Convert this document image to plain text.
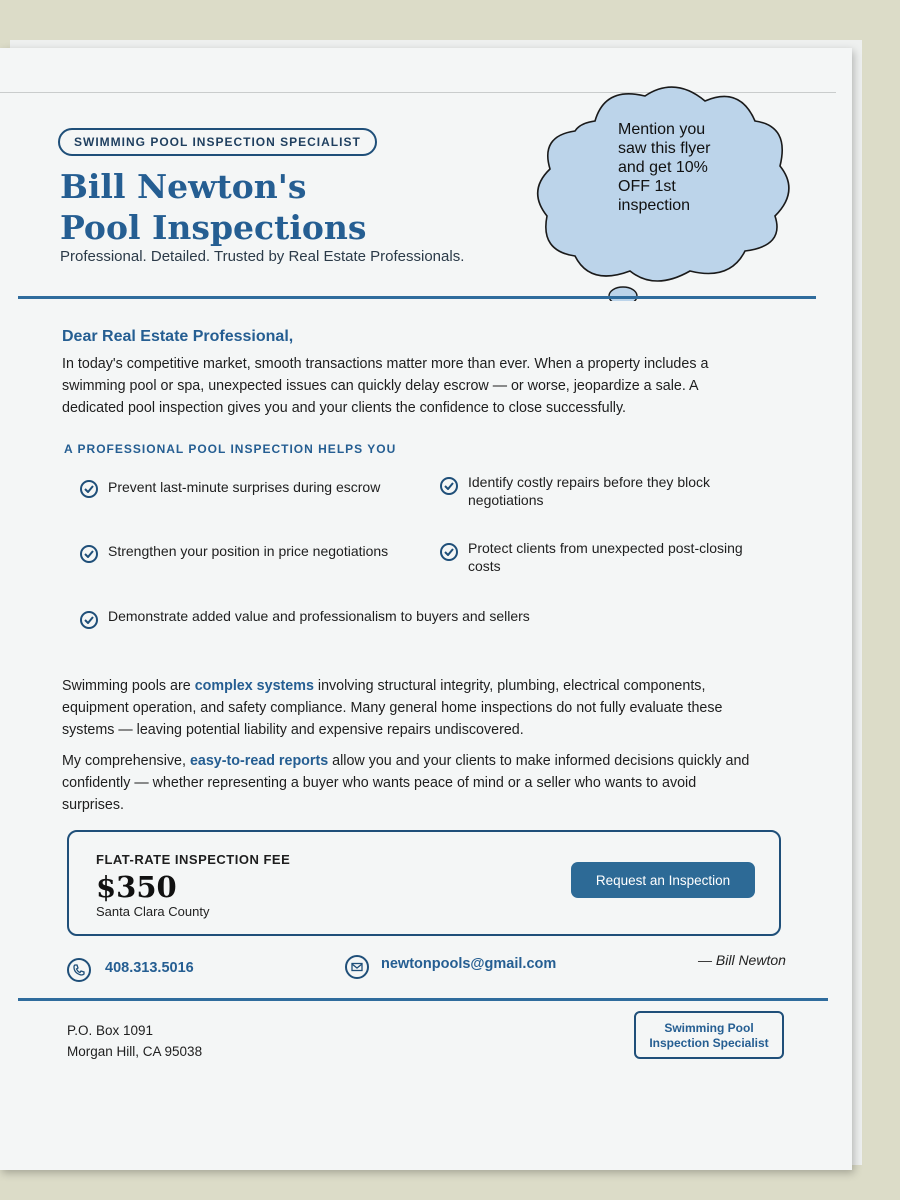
SWIMMING POOL INSPECTION SPECIALIST
Bill Newton's
Pool Inspections
Professional. Detailed. Trusted by Real Estate Professionals.
Mention you
saw this flyer
and get 10%
OFF 1st
inspection
Dear Real Estate Professional,

In today's competitive market, smooth transactions matter more than ever. When a property includes a swimming pool or spa, unexpected issues can quickly delay escrow — or worse, jeopardize a sale. A dedicated pool inspection gives you and your clients the confidence to close successfully.

A PROFESSIONAL POOL INSPECTION HELPS YOU
Prevent last-minute surprises during escrow	Identify costly repairs before they block negotiations
Strengthen your position in price negotiations	Protect clients from unexpected post-closing costs
Demonstrate added value and professionalism to buyers and sellers

Swimming pools are complex systems involving structural integrity, plumbing, electrical components, equipment operation, and safety compliance. Many general home inspections do not fully evaluate these systems — leaving potential liability and expensive repairs undiscovered.

My comprehensive, easy-to-read reports allow you and your clients to make informed decisions quickly and confidently — whether representing a buyer who wants peace of mind or a seller who wants to avoid surprises.

FLAT-RATE INSPECTION FEE
$350
Santa Clara County
Request an Inspection
408.313.5016	newtonpools@gmail.com	— Bill Newton
P.O. Box 1091
Morgan Hill, CA 95038
Swimming Pool
Inspection Specialist
